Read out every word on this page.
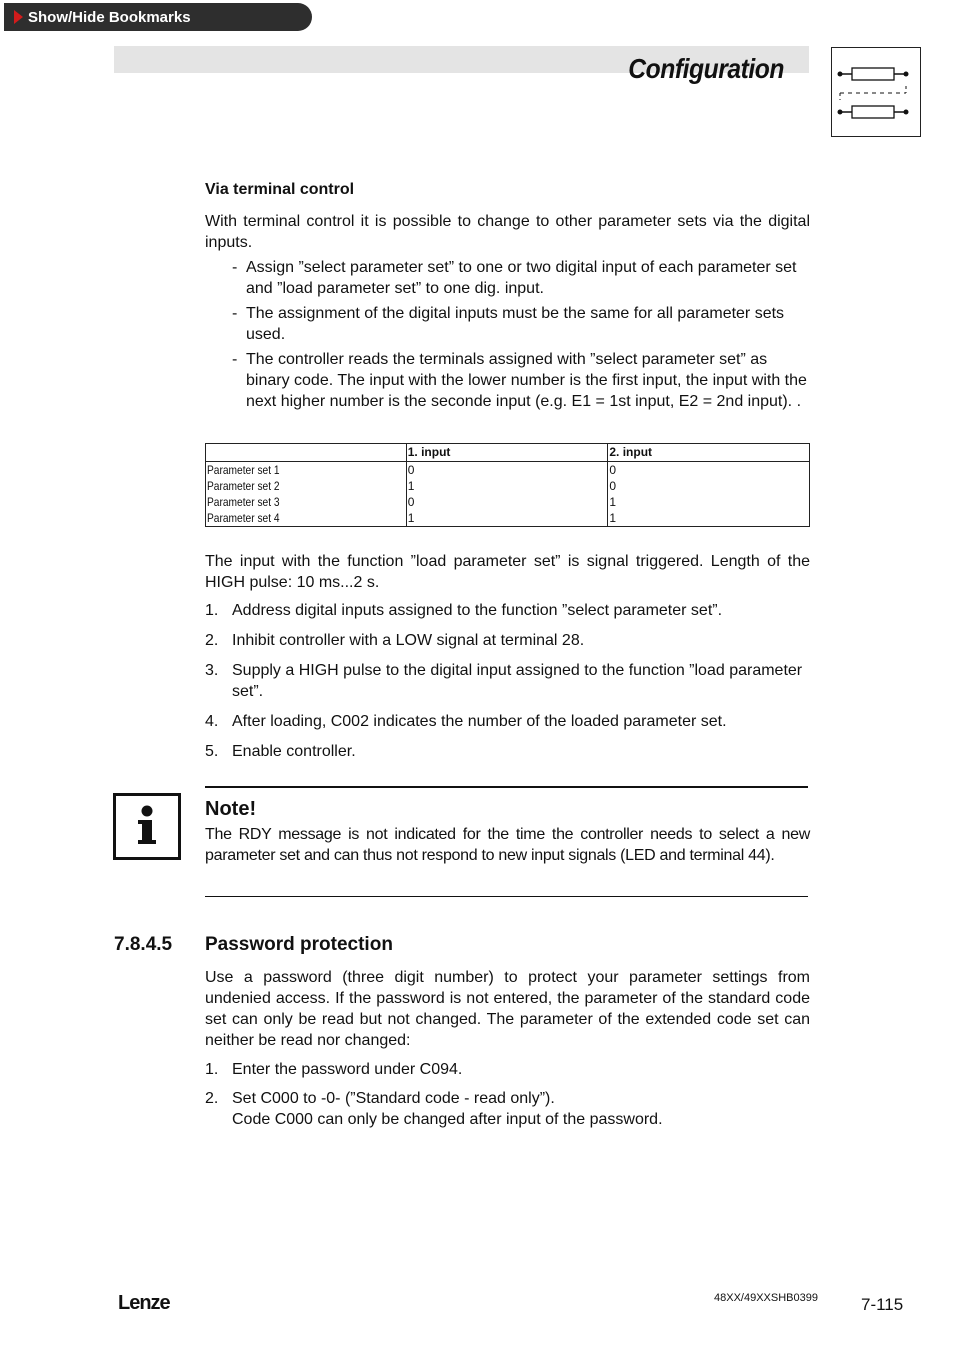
Show/Hide Bookmarks
Configuration
Via terminal control
With terminal control it is possible to change to other parameter sets via the digital inputs.
- Assign ”select parameter set” to one or two digital input of each parameter set and ”load parameter set” to one dig. input.
- The assignment of the digital inputs must be the same for all parameter sets used.
- The controller reads the terminals assigned with ”select parameter set” as binary code. The input with the lower number is the first input, the input with the next higher number is the seconde input (e.g. E1 = 1st input, E2 = 2nd input). .
	1. input	2. input
Parameter set 1	0	0
Parameter set 2	1	0
Parameter set 3	0	1
Parameter set 4	1	1
The input with the function ”load parameter set” is signal triggered. Length of the HIGH pulse: 10 ms...2 s.
1. Address digital inputs assigned to the function ”select parameter set”.
2. Inhibit controller with a LOW signal at terminal 28.
3. Supply a HIGH pulse to the digital input assigned to the function ”load parameter set”.
4. After loading, C002 indicates the number of the loaded parameter set.
5. Enable controller.
Note!
The RDY message is not indicated for the time the controller needs to select a new parameter set and can thus not respond to new input signals (LED and terminal 44).
7.8.4.5 Password protection
Use a password (three digit number) to protect your parameter settings from undenied access. If the password is not entered, the parameter of the standard code set can only be read but not changed. The parameter of the extended code set can neither be read nor changed:
1. Enter the password under C094.
2. Set C000 to -0- (”Standard code - read only”).
Code C000 can only be changed after input of the password.
Lenze	48XX/49XXSHB0399	7-115
